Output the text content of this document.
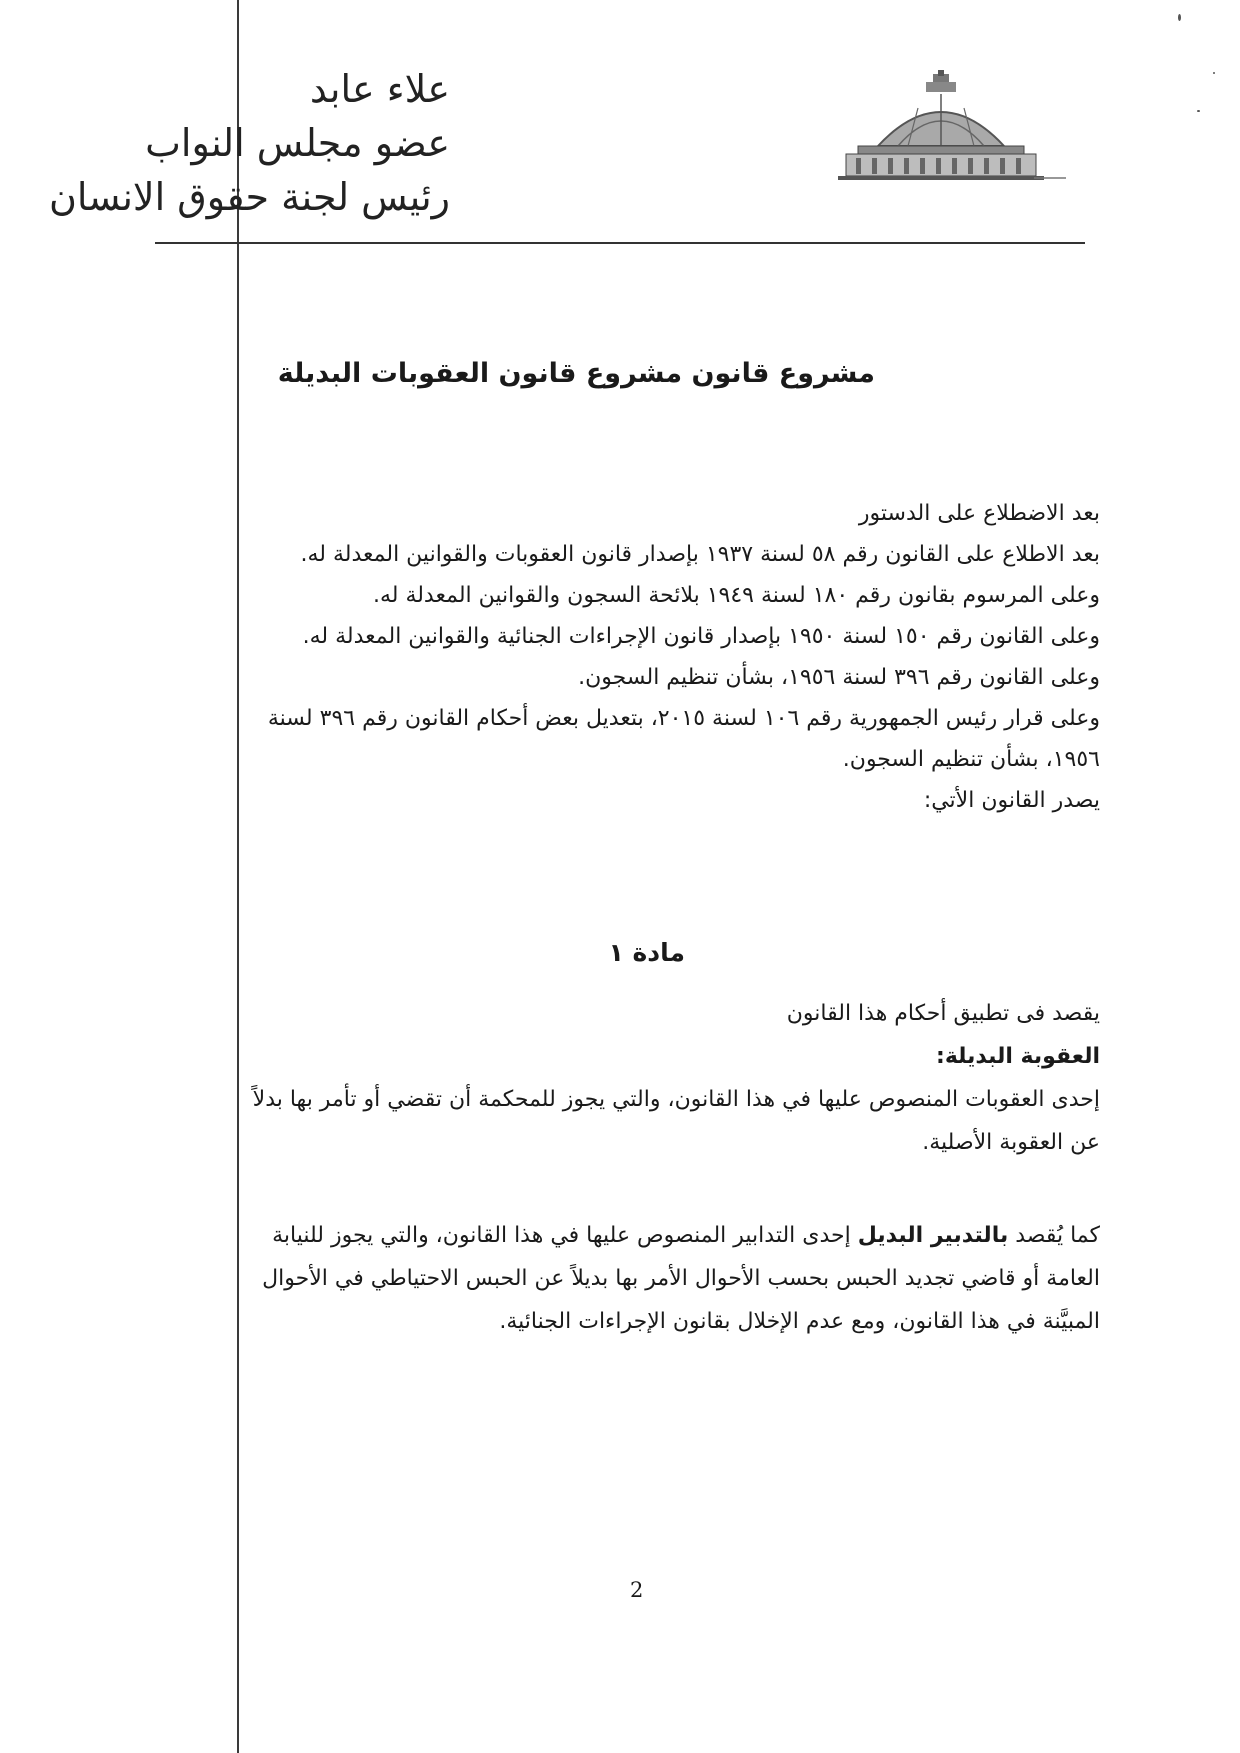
علاء عابد
عضو مجلس النواب
رئيس لجنة حقوق الانسان
مشروع قانون مشروع قانون العقوبات البديلة

بعد الاضطلاع على الدستور

بعد الاطلاع على القانون رقم ٥٨ لسنة ١٩٣٧ بإصدار قانون العقوبات والقوانين المعدلة له.

وعلى المرسوم بقانون رقم ١٨٠ لسنة ١٩٤٩ بلائحة السجون والقوانين المعدلة له.

وعلى القانون رقم ١٥٠ لسنة ١٩٥٠ بإصدار قانون الإجراءات الجنائية والقوانين المعدلة له.

وعلى القانون رقم ٣٩٦ لسنة ١٩٥٦، بشأن تنظيم السجون.

وعلى قرار رئيس الجمهورية رقم ١٠٦ لسنة ٢٠١٥، بتعديل بعض أحكام القانون رقم ٣٩٦ لسنة

١٩٥٦، بشأن تنظيم السجون.

يصدر القانون الأتي:

مادة ١

يقصد فى تطبيق أحكام هذا القانون

العقوبة البديلة:

إحدى العقوبات المنصوص عليها في هذا القانون، والتي يجوز للمحكمة أن تقضي أو تأمر بها بدلاً

عن العقوبة الأصلية.

كما يُقصد بالتدبير البديل إحدى التدابير المنصوص عليها في هذا القانون، والتي يجوز للنيابة

العامة أو قاضي تجديد الحبس بحسب الأحوال الأمر بها بديلاً عن الحبس الاحتياطي في الأحوال

المبيَّنة في هذا القانون، ومع عدم الإخلال بقانون الإجراءات الجنائية.

2
